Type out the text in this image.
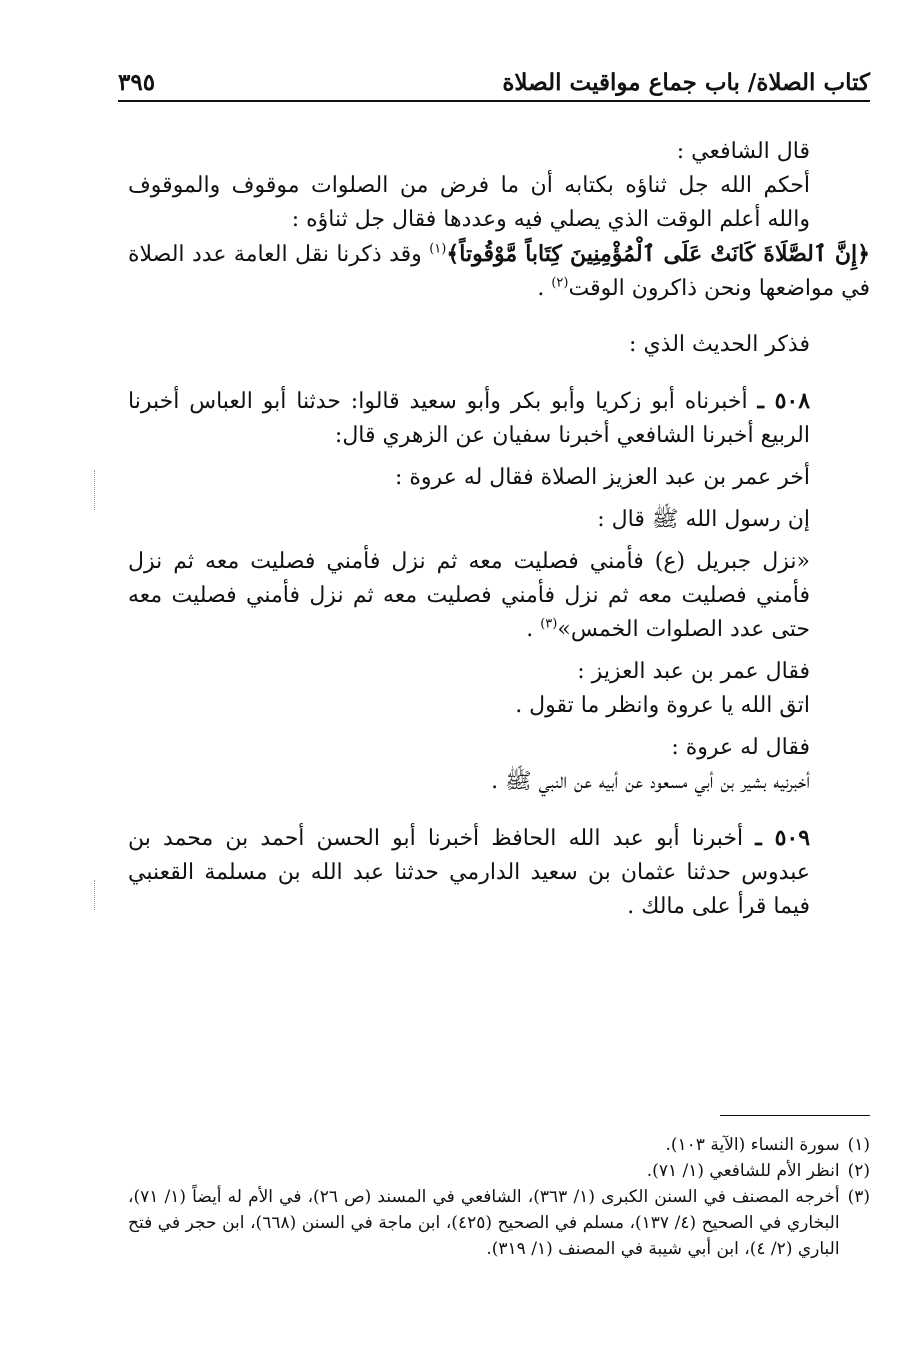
كتاب الصلاة/ باب جماع مواقيت الصلاة
٣٩٥

قال الشافعي :

أحكم الله جل ثناؤه بكتابه أن ما فرض من الصلوات موقوف والموقوف والله أعلم الوقت الذي يصلي فيه وعددها فقال جل ثناؤه :

﴿إِنَّ ٱلصَّلَاةَ كَانَتْ عَلَى ٱلْمُؤْمِنِينَ كِتَاباً مَّوْقُوتاً﴾$^{(١)}$ وقد ذكرنا نقل العامة عدد الصلاة في مواضعها ونحن ذاكرون الوقت$^{(٢)}$ .

فذكر الحديث الذي :

٥٠٨ ـ أخبرناه أبو زكريا وأبو بكر وأبو سعيد قالوا: حدثنا أبو العباس أخبرنا الربيع أخبرنا الشافعي أخبرنا سفيان عن الزهري قال:

أخر عمر بن عبد العزيز الصلاة فقال له عروة :

إن رسول الله ﷺ قال :

«نزل جبريل (ع) فأمني فصليت معه ثم نزل فأمني فصليت معه ثم نزل فأمني فصليت معه ثم نزل فأمني فصليت معه ثم نزل فأمني فصليت معه حتى عدد الصلوات الخمس»$^{(٣)}$ .

فقال عمر بن عبد العزيز :

اتق الله يا عروة وانظر ما تقول .

فقال له عروة :

أخبرنيه بشير بن أبي مسعود عن أبيه عن النبي ﷺ .

٥٠٩ ـ أخبرنا أبو عبد الله الحافظ أخبرنا أبو الحسن أحمد بن محمد بن عبدوس حدثنا عثمان بن سعيد الدارمي حدثنا عبد الله بن مسلمة القعنبي فيما قرأ على مالك .

(١)
سورة النساء (الآية ١٠٣).
(٢)
انظر الأم للشافعي (١/ ٧١).
(٣)
أخرجه المصنف في السنن الكبرى (١/ ٣٦٣)، الشافعي في المسند (ص ٢٦)، في الأم له أيضاً (١/ ٧١)، البخاري في الصحيح (٤/ ١٣٧)، مسلم في الصحيح (٤٢٥)، ابن ماجة في السنن (٦٦٨)، ابن حجر في فتح الباري (٢/ ٤)، ابن أبي شيبة في المصنف (١/ ٣١٩).
